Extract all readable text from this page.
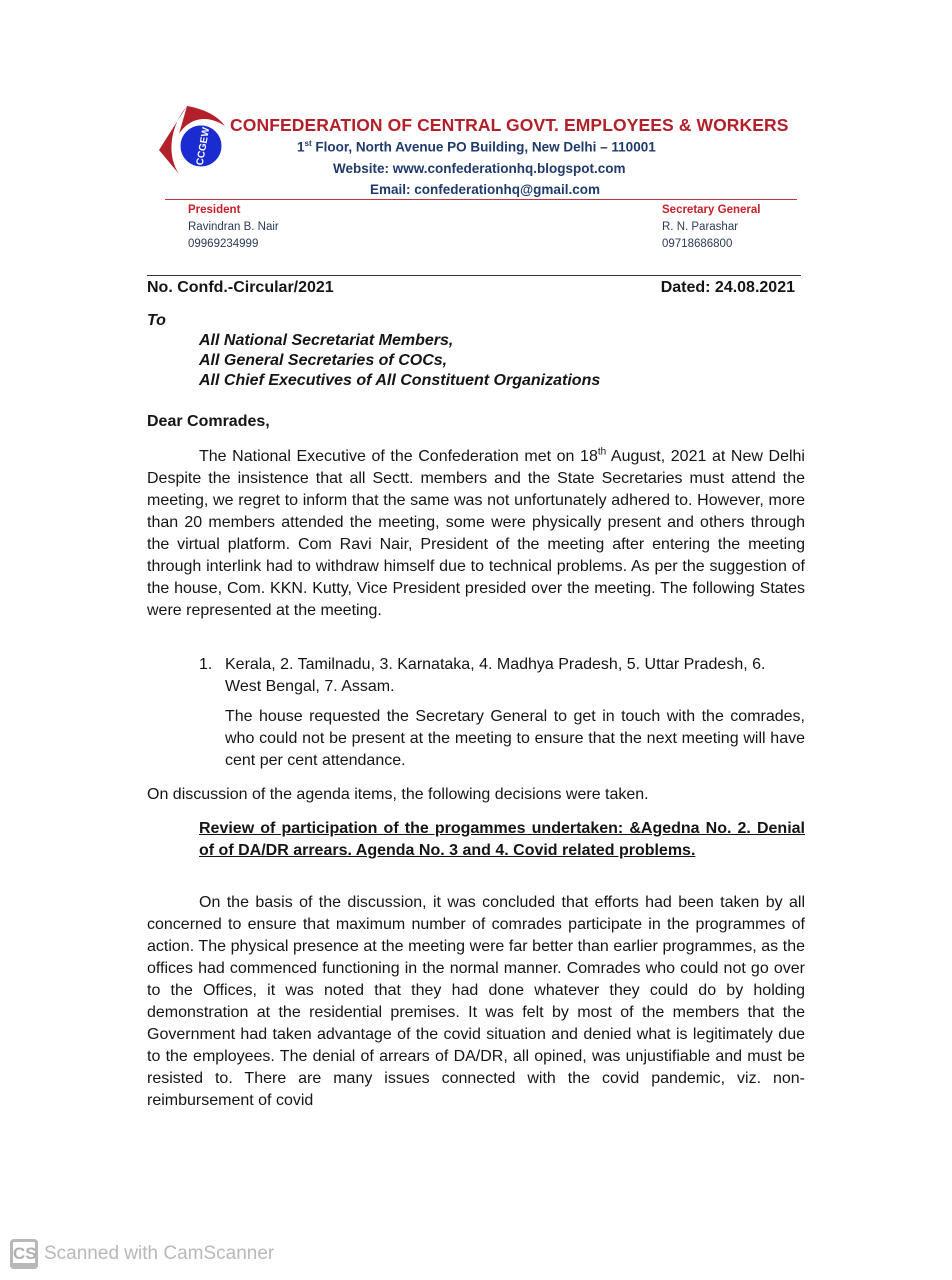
CCGEW
CONFEDERATION OF CENTRAL GOVT. EMPLOYEES & WORKERS
1st Floor, North Avenue PO Building, New Delhi – 110001
Website: www.confederationhq.blogspot.com
Email: confederationhq@gmail.com
President
Ravindran B. Nair
09969234999
Secretary General
R. N. Parashar
09718686800
No. Confd.-Circular/2021	Dated: 24.08.2021
To
All National Secretariat Members,
All General Secretaries of COCs,
All Chief Executives of All Constituent Organizations
Dear Comrades,
The National Executive of the Confederation met on 18th August, 2021 at New Delhi Despite the insistence that all Sectt. members and the State Secretaries must attend the meeting, we regret to inform that the same was not unfortunately adhered to. However, more than 20 members attended the meeting, some were physically present and others through the virtual platform. Com Ravi Nair, President of the meeting after entering the meeting through interlink had to withdraw himself due to technical problems. As per the suggestion of the house, Com. KKN. Kutty, Vice President presided over the meeting. The following States were represented at the meeting.
1. Kerala, 2. Tamilnadu, 3. Karnataka, 4. Madhya Pradesh, 5. Uttar Pradesh, 6. West Bengal, 7. Assam.
The house requested the Secretary General to get in touch with the comrades, who could not be present at the meeting to ensure that the next meeting will have cent per cent attendance.
On discussion of the agenda items, the following decisions were taken.
Review of participation of the progammes undertaken: &Agedna No. 2. Denial of of DA/DR arrears. Agenda No. 3 and 4. Covid related problems.
On the basis of the discussion, it was concluded that efforts had been taken by all concerned to ensure that maximum number of comrades participate in the programmes of action. The physical presence at the meeting were far better than earlier programmes, as the offices had commenced functioning in the normal manner. Comrades who could not go over to the Offices, it was noted that they had done whatever they could do by holding demonstration at the residential premises. It was felt by most of the members that the Government had taken advantage of the covid situation and denied what is legitimately due to the employees. The denial of arrears of DA/DR, all opined, was unjustifiable and must be resisted to. There are many issues connected with the covid pandemic, viz. non-reimbursement of covid
CS Scanned with CamScanner
